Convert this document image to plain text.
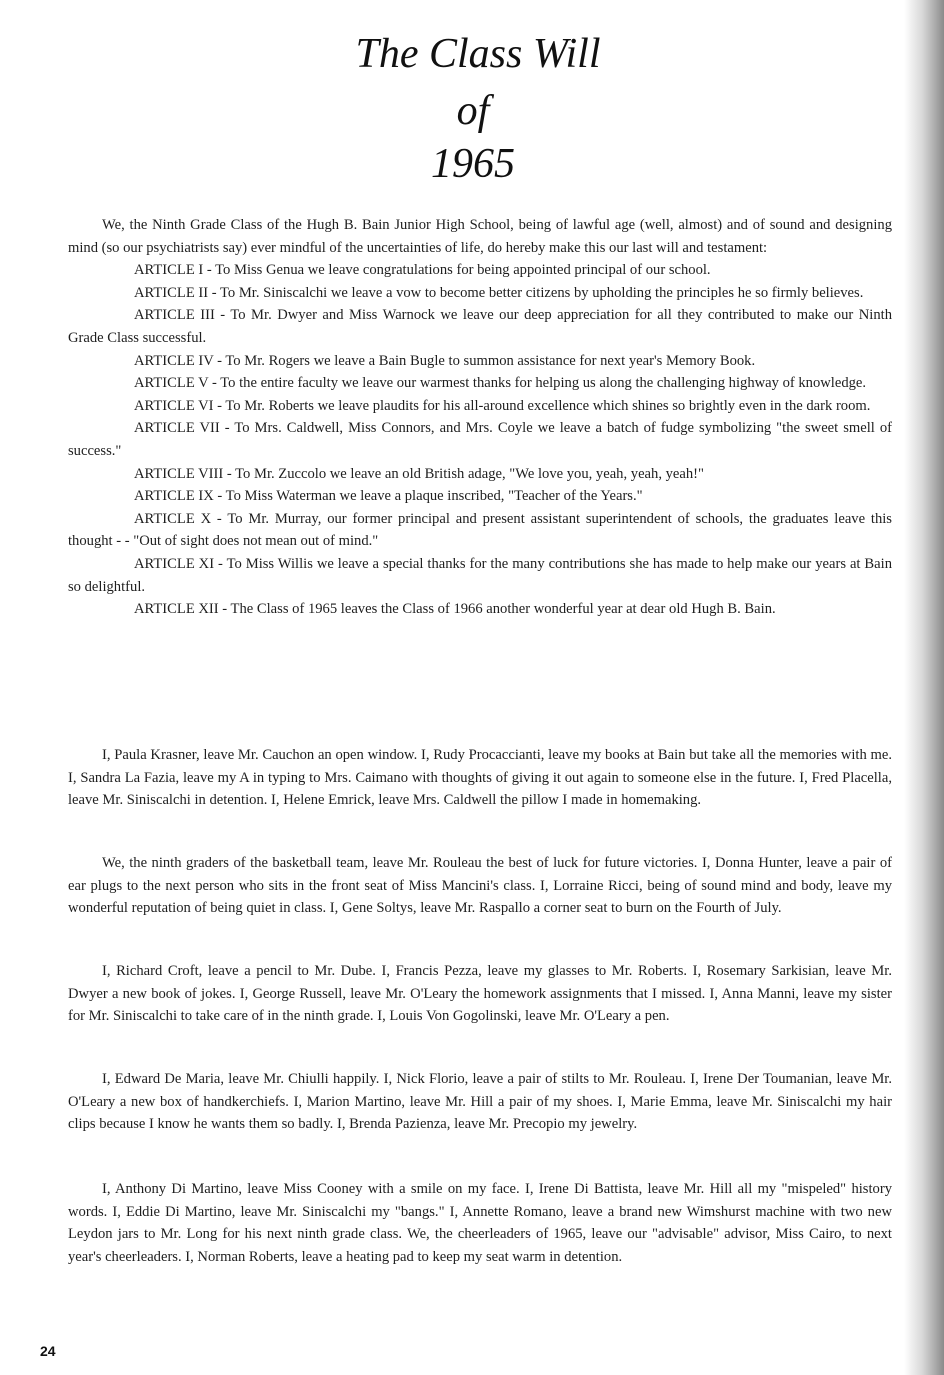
The Class Will
of
1965

We, the Ninth Grade Class of the Hugh B. Bain Junior High School, being of lawful age (well, almost) and of sound and designing mind (so our psychiatrists say) ever mindful of the uncertainties of life, do hereby make this our last will and testament:

ARTICLE I - To Miss Genua we leave congratulations for being appointed principal of our school.

ARTICLE II - To Mr. Siniscalchi we leave a vow to become better citizens by upholding the principles he so firmly believes.

ARTICLE III - To Mr. Dwyer and Miss Warnock we leave our deep appreciation for all they contributed to make our Ninth Grade Class successful.

ARTICLE IV - To Mr. Rogers we leave a Bain Bugle to summon assistance for next year's Memory Book.

ARTICLE V - To the entire faculty we leave our warmest thanks for helping us along the challenging highway of knowledge.

ARTICLE VI - To Mr. Roberts we leave plaudits for his all-around excellence which shines so brightly even in the dark room.

ARTICLE VII - To Mrs. Caldwell, Miss Connors, and Mrs. Coyle we leave a batch of fudge symbolizing "the sweet smell of success."

ARTICLE VIII - To Mr. Zuccolo we leave an old British adage, "We love you, yeah, yeah, yeah!"

ARTICLE IX - To Miss Waterman we leave a plaque inscribed, "Teacher of the Years."

ARTICLE X - To Mr. Murray, our former principal and present assistant superintendent of schools, the graduates leave this thought - - "Out of sight does not mean out of mind."

ARTICLE XI - To Miss Willis we leave a special thanks for the many contributions she has made to help make our years at Bain so delightful.

ARTICLE XII - The Class of 1965 leaves the Class of 1966 another wonderful year at dear old Hugh B. Bain.

I, Paula Krasner, leave Mr. Cauchon an open window. I, Rudy Procaccianti, leave my books at Bain but take all the memories with me. I, Sandra La Fazia, leave my A in typing to Mrs. Caimano with thoughts of giving it out again to someone else in the future. I, Fred Placella, leave Mr. Siniscalchi in detention. I, Helene Emrick, leave Mrs. Caldwell the pillow I made in homemaking.

We, the ninth graders of the basketball team, leave Mr. Rouleau the best of luck for future victories. I, Donna Hunter, leave a pair of ear plugs to the next person who sits in the front seat of Miss Mancini's class. I, Lorraine Ricci, being of sound mind and body, leave my wonderful reputation of being quiet in class. I, Gene Soltys, leave Mr. Raspallo a corner seat to burn on the Fourth of July.

I, Richard Croft, leave a pencil to Mr. Dube. I, Francis Pezza, leave my glasses to Mr. Roberts. I, Rosemary Sarkisian, leave Mr. Dwyer a new book of jokes. I, George Russell, leave Mr. O'Leary the homework assignments that I missed. I, Anna Manni, leave my sister for Mr. Siniscalchi to take care of in the ninth grade. I, Louis Von Gogolinski, leave Mr. O'Leary a pen.

I, Edward De Maria, leave Mr. Chiulli happily. I, Nick Florio, leave a pair of stilts to Mr. Rouleau. I, Irene Der Toumanian, leave Mr. O'Leary a new box of handkerchiefs. I, Marion Martino, leave Mr. Hill a pair of my shoes. I, Marie Emma, leave Mr. Siniscalchi my hair clips because I know he wants them so badly. I, Brenda Pazienza, leave Mr. Precopio my jewelry.

I, Anthony Di Martino, leave Miss Cooney with a smile on my face. I, Irene Di Battista, leave Mr. Hill all my "mispeled" history words. I, Eddie Di Martino, leave Mr. Siniscalchi my "bangs." I, Annette Romano, leave a brand new Wimshurst machine with two new Leydon jars to Mr. Long for his next ninth grade class. We, the cheerleaders of 1965, leave our "advisable" advisor, Miss Cairo, to next year's cheerleaders. I, Norman Roberts, leave a heating pad to keep my seat warm in detention.

24
